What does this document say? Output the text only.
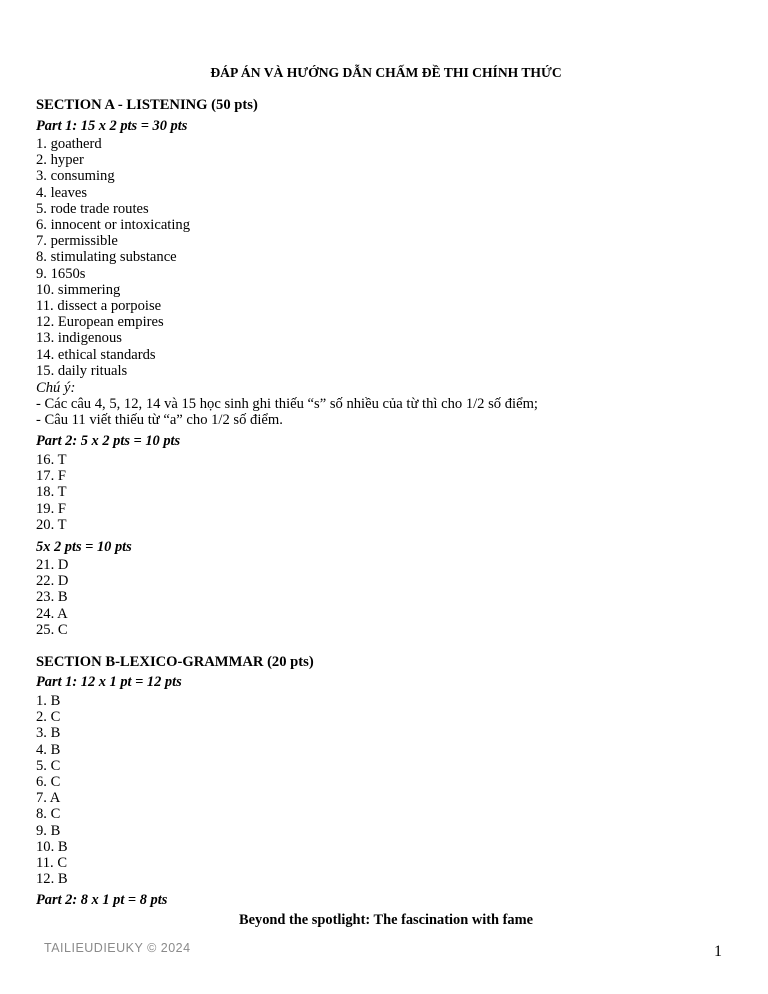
ĐÁP ÁN VÀ HƯỚNG DẪN CHẤM ĐỀ THI CHÍNH THỨC
SECTION A - LISTENING (50 pts)
Part 1: 15 x 2 pts = 30 pts
1. goatherd
2. hyper
3. consuming
4. leaves
5. rode trade routes
6. innocent or intoxicating
7. permissible
8. stimulating substance
9. 1650s
10. simmering
11. dissect a porpoise
12. European empires
13. indigenous
14. ethical standards
15. daily rituals
Chú ý:
- Các câu 4, 5, 12, 14 và 15 học sinh ghi thiếu “s” số nhiều của từ thì cho 1/2 số điểm;
- Câu 11 viết thiếu từ “a” cho 1/2 số điểm.
Part 2: 5 x 2 pts = 10 pts
16. T
17. F
18. T
19. F
20. T
5x 2 pts = 10 pts
21. D
22. D
23. B
24. A
25. C
SECTION B-LEXICO-GRAMMAR (20 pts)
Part 1: 12 x 1 pt = 12 pts
1. B
2. C
3. B
4. B
5. C
6. C
7. A
8. C
9. B
10. B
11. C
12. B
Part 2: 8 x 1 pt = 8 pts
Beyond the spotlight: The fascination with fame
TAILIEUDIEUKY © 2024	1
